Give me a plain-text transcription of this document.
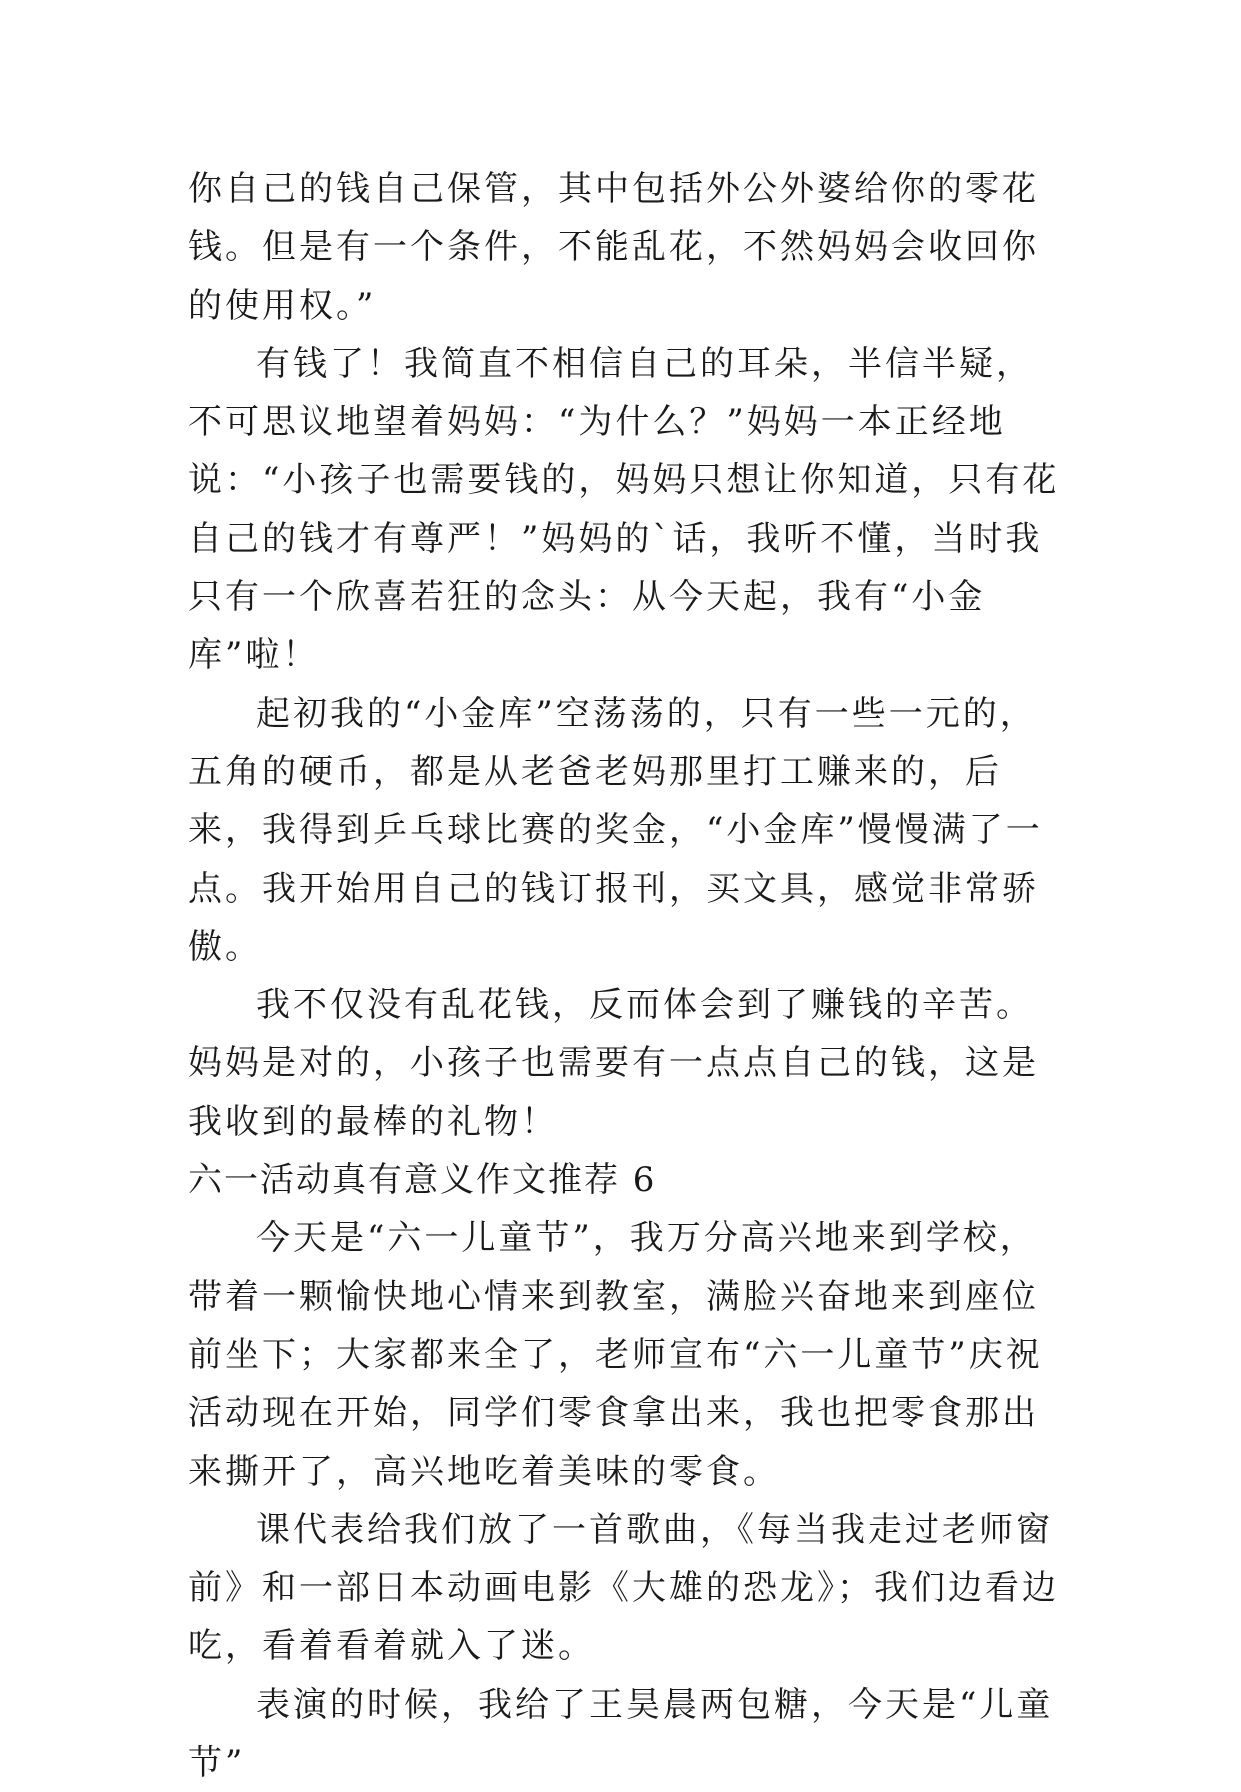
你自己的钱自己保管，其中包括外公外婆给你的零花钱。但是有一个条件，不能乱花，不然妈妈会收回你的使用权。”

有钱了！我简直不相信自己的耳朵，半信半疑，不可思议地望着妈妈：“为什么？”妈妈一本正经地说：“小孩子也需要钱的，妈妈只想让你知道，只有花自己的钱才有尊严！”妈妈的`话，我听不懂，当时我只有一个欣喜若狂的念头：从今天起，我有“小金库”啦！

起初我的“小金库”空荡荡的，只有一些一元的，五角的硬币，都是从老爸老妈那里打工赚来的，后来，我得到乒乓球比赛的奖金，“小金库”慢慢满了一点。我开始用自己的钱订报刊，买文具，感觉非常骄傲。

我不仅没有乱花钱，反而体会到了赚钱的辛苦。妈妈是对的，小孩子也需要有一点点自己的钱，这是我收到的最棒的礼物！

六一活动真有意义作文推荐 6

今天是“六一儿童节”，我万分高兴地来到学校，带着一颗愉快地心情来到教室，满脸兴奋地来到座位前坐下；大家都来全了，老师宣布“六一儿童节”庆祝活动现在开始，同学们零食拿出来，我也把零食那出来撕开了，高兴地吃着美味的零食。

课代表给我们放了一首歌曲，《每当我走过老师窗前》和一部日本动画电影《大雄的恐龙》；我们边看边吃，看着看着就入了迷。

表演的时候，我给了王昊晨两包糖，今天是“儿童节”
